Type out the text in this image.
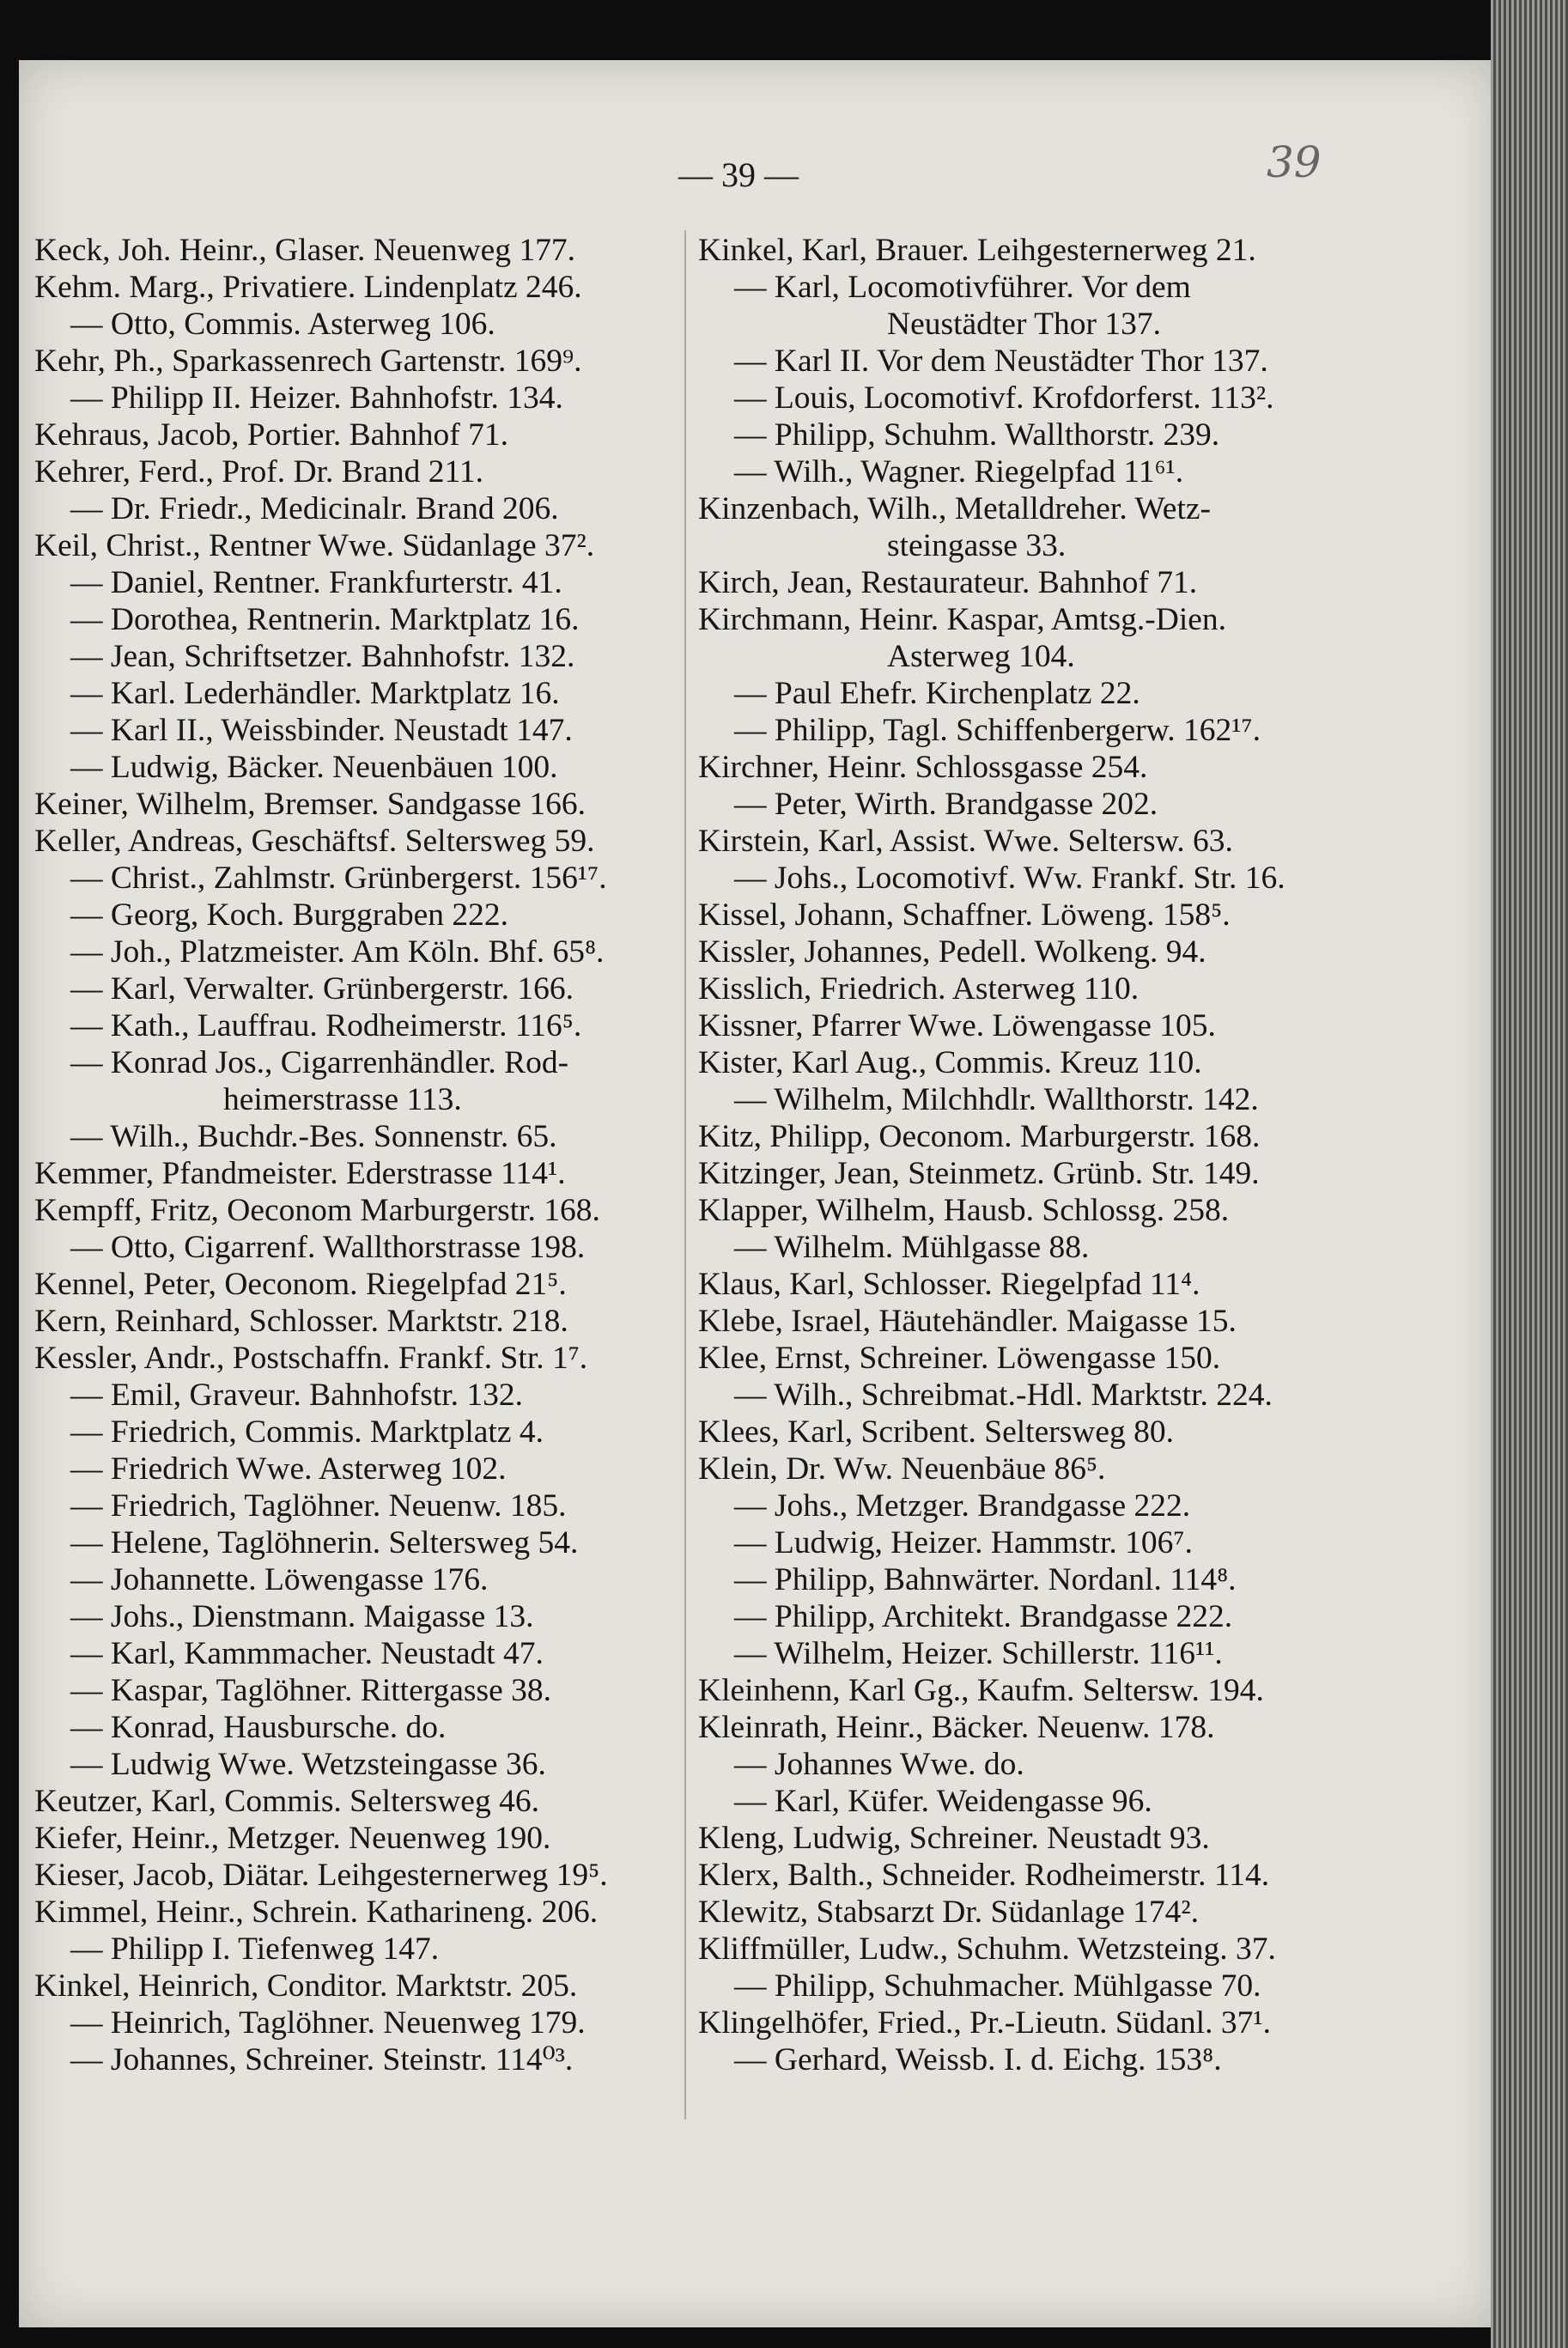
— 39 —	39
Keck, Joh. Heinr., Glaser. Neuenweg 177.
Kehm. Marg., Privatiere. Lindenplatz 246.
— Otto, Commis. Asterweg 106.
Kehr, Ph., Sparkassenrech Gartenstr. 169⁹.
— Philipp II. Heizer. Bahnhofstr. 134.
Kehraus, Jacob, Portier. Bahnhof 71.
Kehrer, Ferd., Prof. Dr. Brand 211.
— Dr. Friedr., Medicinalr. Brand 206.
Keil, Christ., Rentner Wwe. Südanlage 37².
— Daniel, Rentner. Frankfurterstr. 41.
— Dorothea, Rentnerin. Marktplatz 16.
— Jean, Schriftsetzer. Bahnhofstr. 132.
— Karl. Lederhändler. Marktplatz 16.
— Karl II., Weissbinder. Neustadt 147.
— Ludwig, Bäcker. Neuenbäuen 100.
Keiner, Wilhelm, Bremser. Sandgasse 166.
Keller, Andreas, Geschäftsf. Seltersweg 59.
— Christ., Zahlmstr. Grünbergerst. 156¹⁷.
— Georg, Koch. Burggraben 222.
— Joh., Platzmeister. Am Köln. Bhf. 65⁸.
— Karl, Verwalter. Grünbergerstr. 166.
— Kath., Lauffrau. Rodheimerstr. 116⁵.
— Konrad Jos., Cigarrenhändler. Rod-
heimerstrasse 113.
— Wilh., Buchdr.-Bes. Sonnenstr. 65.
Kemmer, Pfandmeister. Ederstrasse 114¹.
Kempff, Fritz, Oeconom Marburgerstr. 168.
— Otto, Cigarrenf. Wallthorstrasse 198.
Kennel, Peter, Oeconom. Riegelpfad 21⁵.
Kern, Reinhard, Schlosser. Marktstr. 218.
Kessler, Andr., Postschaffn. Frankf. Str. 1⁷.
— Emil, Graveur. Bahnhofstr. 132.
— Friedrich, Commis. Marktplatz 4.
— Friedrich Wwe. Asterweg 102.
— Friedrich, Taglöhner. Neuenw. 185.
— Helene, Taglöhnerin. Seltersweg 54.
— Johannette. Löwengasse 176.
— Johs., Dienstmann. Maigasse 13.
— Karl, Kammmacher. Neustadt 47.
— Kaspar, Taglöhner. Rittergasse 38.
— Konrad, Hausbursche. do.
— Ludwig Wwe. Wetzsteingasse 36.
Keutzer, Karl, Commis. Seltersweg 46.
Kiefer, Heinr., Metzger. Neuenweg 190.
Kieser, Jacob, Diätar. Leihgesternerweg 19⁵.
Kimmel, Heinr., Schrein. Katharineng. 206.
— Philipp I. Tiefenweg 147.
Kinkel, Heinrich, Conditor. Marktstr. 205.
— Heinrich, Taglöhner. Neuenweg 179.
— Johannes, Schreiner. Steinstr. 114⁰³.
Kinkel, Karl, Brauer. Leihgesternerweg 21.
— Karl, Locomotivführer. Vor dem
Neustädter Thor 137.
— Karl II. Vor dem Neustädter Thor 137.
— Louis, Locomotivf. Krofdorferst. 113².
— Philipp, Schuhm. Wallthorstr. 239.
— Wilh., Wagner. Riegelpfad 11⁶¹.
Kinzenbach, Wilh., Metalldreher. Wetz-
steingasse 33.
Kirch, Jean, Restaurateur. Bahnhof 71.
Kirchmann, Heinr. Kaspar, Amtsg.-Dien.
Asterweg 104.
— Paul Ehefr. Kirchenplatz 22.
— Philipp, Tagl. Schiffenbergerw. 162¹⁷.
Kirchner, Heinr. Schlossgasse 254.
— Peter, Wirth. Brandgasse 202.
Kirstein, Karl, Assist. Wwe. Seltersw. 63.
— Johs., Locomotivf. Ww. Frankf. Str. 16.
Kissel, Johann, Schaffner. Löweng. 158⁵.
Kissler, Johannes, Pedell. Wolkeng. 94.
Kisslich, Friedrich. Asterweg 110.
Kissner, Pfarrer Wwe. Löwengasse 105.
Kister, Karl Aug., Commis. Kreuz 110.
— Wilhelm, Milchhdlr. Wallthorstr. 142.
Kitz, Philipp, Oeconom. Marburgerstr. 168.
Kitzinger, Jean, Steinmetz. Grünb. Str. 149.
Klapper, Wilhelm, Hausb. Schlossg. 258.
— Wilhelm. Mühlgasse 88.
Klaus, Karl, Schlosser. Riegelpfad 11⁴.
Klebe, Israel, Häutehändler. Maigasse 15.
Klee, Ernst, Schreiner. Löwengasse 150.
— Wilh., Schreibmat.-Hdl. Marktstr. 224.
Klees, Karl, Scribent. Seltersweg 80.
Klein, Dr. Ww. Neuenbäue 86⁵.
— Johs., Metzger. Brandgasse 222.
— Ludwig, Heizer. Hammstr. 106⁷.
— Philipp, Bahnwärter. Nordanl. 114⁸.
— Philipp, Architekt. Brandgasse 222.
— Wilhelm, Heizer. Schillerstr. 116¹¹.
Kleinhenn, Karl Gg., Kaufm. Seltersw. 194.
Kleinrath, Heinr., Bäcker. Neuenw. 178.
— Johannes Wwe. do.
— Karl, Küfer. Weidengasse 96.
Kleng, Ludwig, Schreiner. Neustadt 93.
Klerx, Balth., Schneider. Rodheimerstr. 114.
Klewitz, Stabsarzt Dr. Südanlage 174².
Kliffmüller, Ludw., Schuhm. Wetzsteing. 37.
— Philipp, Schuhmacher. Mühlgasse 70.
Klingelhöfer, Fried., Pr.-Lieutn. Südanl. 37¹.
— Gerhard, Weissb. I. d. Eichg. 153⁸.
